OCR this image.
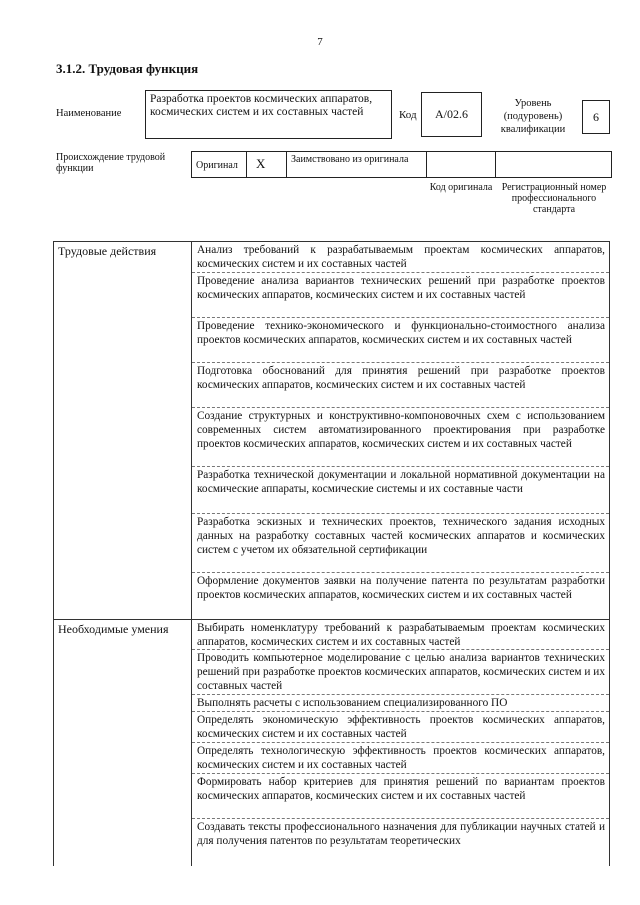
7
3.1.2. Трудовая функция
Наименование
Разработка проектов космических аппаратов, космических систем и их составных частей	Код А/02.6
Уровень (подуровень) квалификации
6
Происхождение трудовой функции	Оригинал X	Заимствовано из оригинала
Код оригинала Регистрационный номер профессионального стандарта
Трудовые действия	Анализ требований к разрабатываемым проектам космических аппаратов, космических систем и их составных частей
Проведение анализа вариантов технических решений при разработке проектов космических аппаратов, космических систем и их составных частей
Проведение технико-экономического и функционально-стоимостного анализа проектов космических аппаратов, космических систем и их составных частей
Подготовка обоснований для принятия решений при разработке проектов космических аппаратов, космических систем и их составных частей
Создание структурных и конструктивно-компоновочных схем с использованием современных систем автоматизированного проектирования при разработке проектов космических аппаратов, космических систем и их составных частей
Разработка технической документации и локальной нормативной документации на космические аппараты, космические системы и их составные части
Разработка эскизных и технических проектов, технического задания исходных данных на разработку составных частей космических аппаратов и космических систем с учетом их обязательной сертификации
Оформление документов заявки на получение патента по результатам разработки проектов космических аппаратов, космических систем и их составных частей
Необходимые умения	Выбирать номенклатуру требований к разрабатываемым проектам космических аппаратов, космических систем и их составных частей
Проводить компьютерное моделирование с целью анализа вариантов технических решений при разработке проектов космических аппаратов, космических систем и их составных частей
Выполнять расчеты с использованием специализированного ПО
Определять экономическую эффективность проектов космических аппаратов, космических систем и их составных частей
Определять технологическую эффективность проектов космических аппаратов, космических систем и их составных частей
Формировать набор критериев для принятия решений по вариантам проектов космических аппаратов, космических систем и их составных частей
Создавать тексты профессионального назначения для публикации научных статей и для получения патентов по результатам теоретических
